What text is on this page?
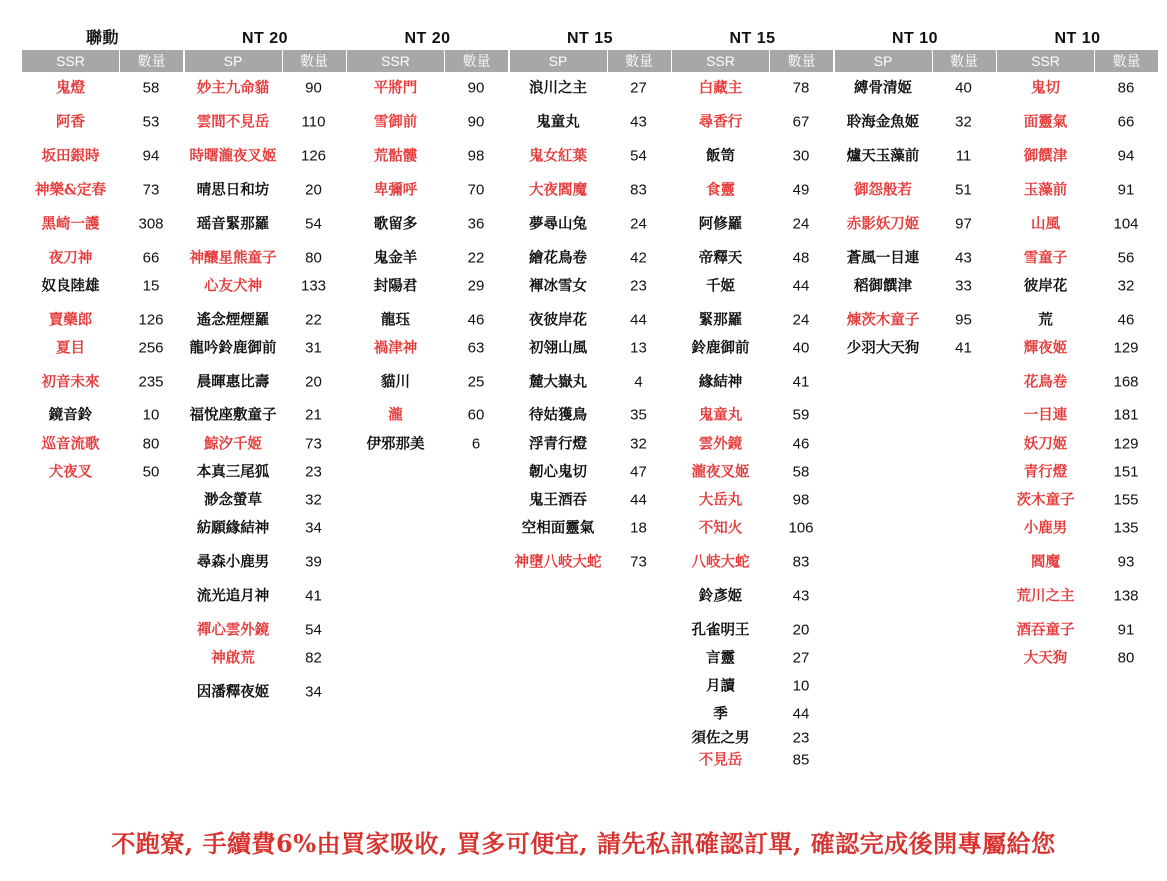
聯動
SSR	數量
鬼燈	58
阿香	53
坂田銀時	94
神樂&定春	73
黑崎一護	308
夜刀神	66
奴良陸雄	15
賣藥郎	126
夏目	256
初音未來	235
鏡音鈴	10
巡音流歌	80
犬夜叉	50
NT 20
SP	數量
妙主九命貓	90
雲間不見岳	110
時曙瀧夜叉姬	126
晴思日和坊	20
瑶音緊那羅	54
神釀星熊童子	80
心友犬神	133
遙念煙煙羅	22
龍吟鈴鹿御前	31
晨暉惠比壽	20
福悅座敷童子	21
鯨汐千姬	73
本真三尾狐	23
渺念螢草	32
紡願緣結神	34
尋森小鹿男	39
流光追月神	41
禪心雲外鏡	54
神啟荒	82
因潘釋夜姬	34
NT 20
SSR	數量
平將門	90
雪御前	90
荒骷髏	98
卑彌呼	70
歌留多	36
鬼金羊	22
封陽君	29
龍珏	46
禍津神	63
貓川	25
瀧	60
伊邪那美	6
NT 15
SP	數量
浪川之主	27
鬼童丸	43
鬼女紅葉	54
大夜閻魔	83
夢尋山兔	24
繪花鳥卷	42
褌冰雪女	23
夜彼岸花	44
初翎山風	13
麓大嶽丸	4
待姑獲鳥	35
浮青行燈	32
韌心鬼切	47
鬼王酒吞	44
空相面靈氣	18
神墮八岐大蛇	73
NT 15
SSR	數量
白藏主	78
尋香行	67
飯笥	30
食靈	49
阿修羅	24
帝釋天	48
千姬	44
緊那羅	24
鈴鹿御前	40
緣結神	41
鬼童丸	59
雲外鏡	46
瀧夜叉姬	58
大岳丸	98
不知火	106
八岐大蛇	83
鈴彥姬	43
孔雀明王	20
言靈	27
月讀	10
季	44
須佐之男	23
不見岳	85
NT 10
SP	數量
縛骨清姬	40
聆海金魚姬	32
爐天玉藻前	11
御怨般若	51
赤影妖刀姬	97
蒼風一目連	43
稻御饌津	33
煉茨木童子	95
少羽大天狗	41
NT 10
SSR	數量
鬼切	86
面靈氣	66
御饌津	94
玉藻前	91
山風	104
雪童子	56
彼岸花	32
荒	46
輝夜姬	129
花鳥卷	168
一目連	181
妖刀姬	129
青行燈	151
茨木童子	155
小鹿男	135
閻魔	93
荒川之主	138
酒吞童子	91
大天狗	80
不跑寮, 手續費6%由買家吸收, 買多可便宜, 請先私訊確認訂單, 確認完成後開專屬給您
